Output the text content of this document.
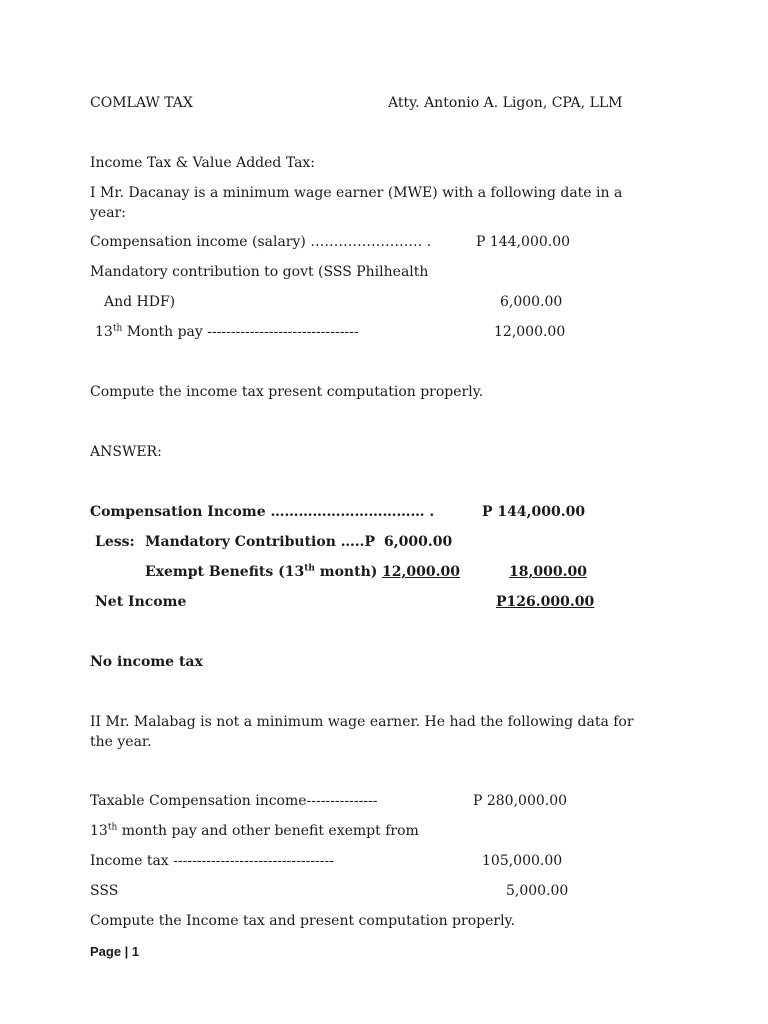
COMLAW TAX	Atty. Antonio A. Ligon, CPA, LLM
Income Tax & Value Added Tax:
I Mr. Dacanay is a minimum wage earner (MWE) with a following date in a
year:
Compensation income (salary) …………………… .	P 144,000.00
Mandatory contribution to govt (SSS Philhealth
And HDF)	6,000.00
13th Month pay --------------------------------	12,000.00
Compute the income tax present computation properly.
ANSWER:
Compensation Income …………………………… .	P 144,000.00
Less: Mandatory Contribution …..P 6,000.00
Exempt Benefits (13th month) 12,000.00	18,000.00
Net Income	P126.000.00
No income tax
II Mr. Malabag is not a minimum wage earner. He had the following data for
the year.
Taxable Compensation income---------------	P 280,000.00
13th month pay and other benefit exempt from
Income tax ----------------------------------	105,000.00
SSS	5,000.00
Compute the Income tax and present computation properly.
Page | 1
